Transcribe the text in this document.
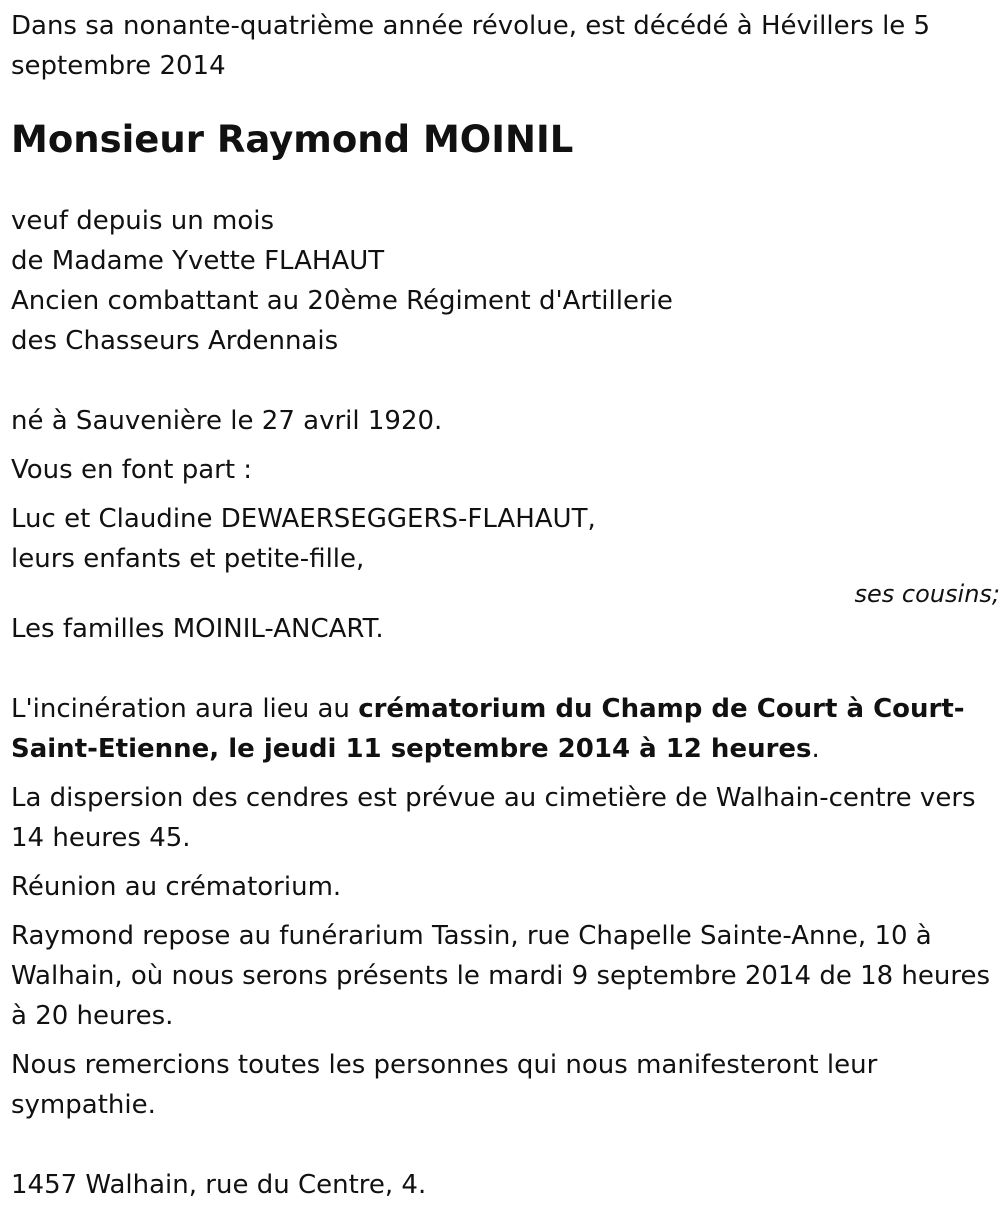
Dans sa nonante-quatrième année révolue, est décédé à Hévillers le 5 septembre 2014

Monsieur Raymond MOINIL

veuf depuis un mois

de Madame Yvette FLAHAUT

Ancien combattant au 20ème Régiment d'Artillerie

des Chasseurs Ardennais

né à Sauvenière le 27 avril 1920.

Vous en font part :

Luc et Claudine DEWAERSEGGERS-FLAHAUT,

leurs enfants et petite-fille,

ses cousins;

Les familles MOINIL-ANCART.

L'incinération aura lieu au crématorium du Champ de Court à Court-Saint-Etienne, le jeudi 11 septembre 2014 à 12 heures.

La dispersion des cendres est prévue au cimetière de Walhain-centre vers 14 heures 45.

Réunion au crématorium.

Raymond repose au funérarium Tassin, rue Chapelle Sainte-Anne, 10 à Walhain, où nous serons présents le mardi 9 septembre 2014 de 18 heures à 20 heures.

Nous remercions toutes les personnes qui nous manifesteront leur sympathie.

1457 Walhain, rue du Centre, 4.
